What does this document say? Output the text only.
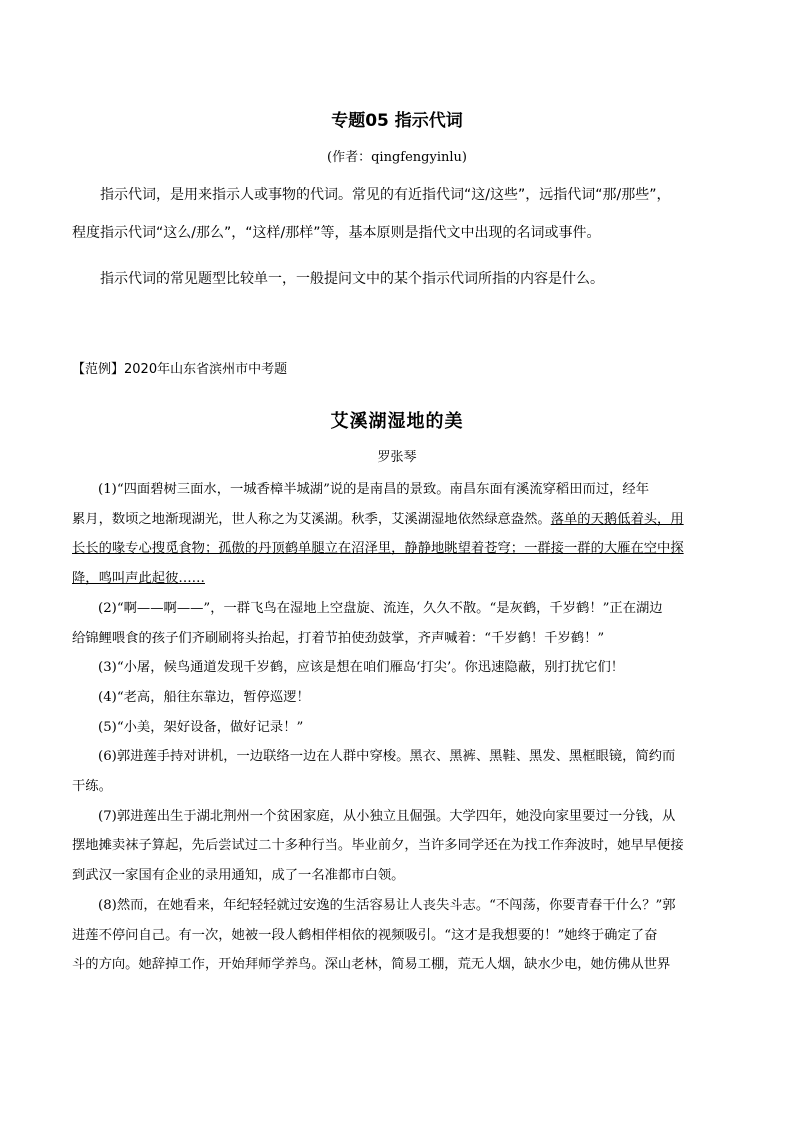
专题05 指示代词

(作者：qingfengyinlu)

指示代词，是用来指示人或事物的代词。常见的有近指代词“这/这些”，远指代词“那/那些”，
程度指示代词“这么/那么”，“这样/那样”等，基本原则是指代文中出现的名词或事件。
指示代词的常见题型比较单一，一般提问文中的某个指示代词所指的内容是什么。

【范例】2020年山东省滨州市中考题

艾溪湖湿地的美

罗张琴

(1)“四面碧树三面水，一城香樟半城湖”说的是南昌的景致。南昌东面有溪流穿稻田而过，经年
累月，数顷之地渐现湖光，世人称之为艾溪湖。秋季，艾溪湖湿地依然绿意盎然。落单的天鹅低着头，用
长长的喙专心搜觅食物；孤傲的丹顶鹤单腿立在沼泽里，静静地眺望着苍穹；一群接一群的大雁在空中探
降，鸣叫声此起彼……
(2)“啊——啊——”，一群飞鸟在湿地上空盘旋、流连，久久不散。“是灰鹤，千岁鹤！”正在湖边
给锦鲤喂食的孩子们齐刷刷将头抬起，打着节拍使劲鼓掌，齐声喊着：“千岁鹤！千岁鹤！”
(3)“小屠，候鸟通道发现千岁鹤，应该是想在咱们雁岛‘打尖’。你迅速隐蔽，别打扰它们！
(4)“老高，船往东靠边，暂停巡逻！
(5)“小美，架好设备，做好记录！”
(6)郭进莲手持对讲机，一边联络一边在人群中穿梭。黑衣、黑裤、黑鞋、黑发、黑框眼镜，简约而
干练。
(7)郭进莲出生于湖北荆州一个贫困家庭，从小独立且倔强。大学四年，她没向家里要过一分钱，从
摆地摊卖袜子算起，先后尝试过二十多种行当。毕业前夕，当许多同学还在为找工作奔波时，她早早便接
到武汉一家国有企业的录用通知，成了一名准都市白领。
(8)然而，在她看来，年纪轻轻就过安逸的生活容易让人丧失斗志。“不闯荡，你要青春干什么？”郭
进莲不停问自己。有一次，她被一段人鹤相伴相依的视频吸引。“这才是我想要的！”她终于确定了奋
斗的方向。她辞掉工作，开始拜师学养鸟。深山老林，简易工棚，荒无人烟，缺水少电，她仿佛从世界
